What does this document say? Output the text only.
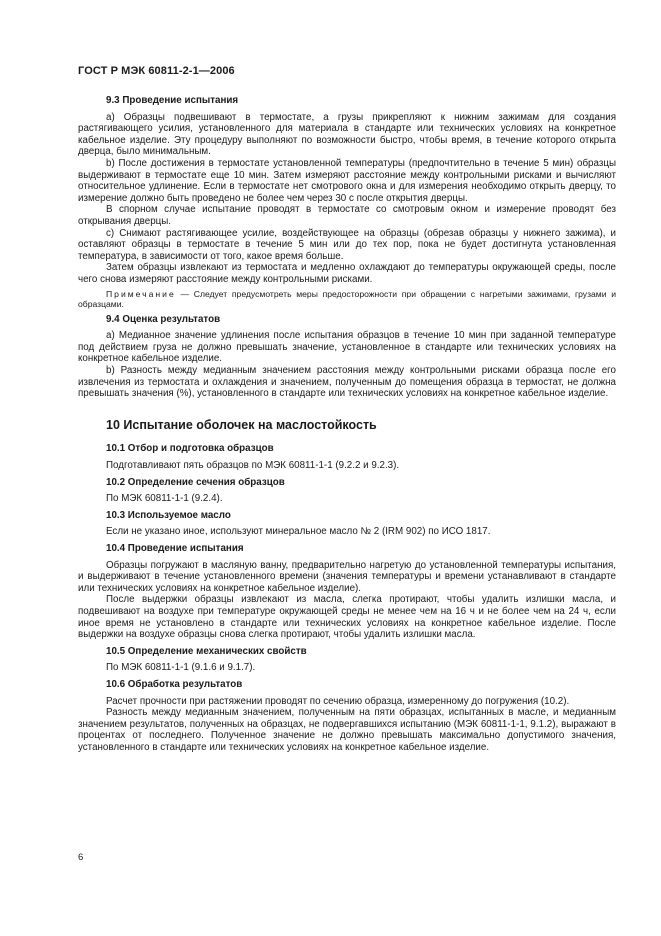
ГОСТ Р МЭК 60811-2-1—2006
9.3 Проведение испытания

а) Образцы подвешивают в термостате, а грузы прикрепляют к нижним зажимам для создания растягивающего усилия, установленного для материала в стандарте или технических условиях на конкретное кабельное изделие. Эту процедуру выполняют по возможности быстро, чтобы время, в течение которого открыта дверца, было минимальным.

b) После достижения в термостате установленной температуры (предпочтительно в течение 5 мин) образцы выдерживают в термостате еще 10 мин. Затем измеряют расстояние между контрольными рисками и вычисляют относительное удлинение. Если в термостате нет смотрового окна и для измерения необходимо открыть дверцу, то измерение должно быть проведено не более чем через 30 с после открытия дверцы.

В спорном случае испытание проводят в термостате со смотровым окном и измерение проводят без открывания дверцы.

с) Снимают растягивающее усилие, воздействующее на образцы (обрезав образцы у нижнего зажима), и оставляют образцы в термостате в течение 5 мин или до тех пор, пока не будет достигнута установленная температура, в зависимости от того, какое время больше.

Затем образцы извлекают из термостата и медленно охлаждают до температуры окружающей среды, после чего снова измеряют расстояние между контрольными рисками.

Примечание — Следует предусмотреть меры предосторожности при обращении с нагретыми зажимами, грузами и образцами.

9.4 Оценка результатов

а) Медианное значение удлинения после испытания образцов в течение 10 мин при заданной температуре под действием груза не должно превышать значение, установленное в стандарте или технических условиях на конкретное кабельное изделие.

b) Разность между медианным значением расстояния между контрольными рисками образца после его извлечения из термостата и охлаждения и значением, полученным до помещения образца в термостат, не должна превышать значения (%), установленного в стандарте или технических условиях на конкретное кабельное изделие.

10 Испытание оболочек на маслостойкость
10.1 Отбор и подготовка образцов

Подготавливают пять образцов по МЭК 60811-1-1 (9.2.2 и 9.2.3).

10.2 Определение сечения образцов

По МЭК 60811-1-1 (9.2.4).

10.3 Используемое масло

Если не указано иное, используют минеральное масло № 2 (IRM 902) по ИСО 1817.

10.4 Проведение испытания

Образцы погружают в масляную ванну, предварительно нагретую до установленной температуры испытания, и выдерживают в течение установленного времени (значения температуры и времени устанавливают в стандарте или технических условиях на конкретное кабельное изделие).

После выдержки образцы извлекают из масла, слегка протирают, чтобы удалить излишки масла, и подвешивают на воздухе при температуре окружающей среды не менее чем на 16 ч и не более чем на 24 ч, если иное время не установлено в стандарте или технических условиях на конкретное кабельное изделие. После выдержки на воздухе образцы снова слегка протирают, чтобы удалить излишки масла.

10.5 Определение механических свойств

По МЭК 60811-1-1 (9.1.6 и 9.1.7).

10.6 Обработка результатов

Расчет прочности при растяжении проводят по сечению образца, измеренному до погружения (10.2).

Разность между медианным значением, полученным на пяти образцах, испытанных в масле, и медианным значением результатов, полученных на образцах, не подвергавшихся испытанию (МЭК 60811-1-1, 9.1.2), выражают в процентах от последнего. Полученное значение не должно превышать максимально допустимого значения, установленного в стандарте или технических условиях на конкретное кабельное изделие.

6
